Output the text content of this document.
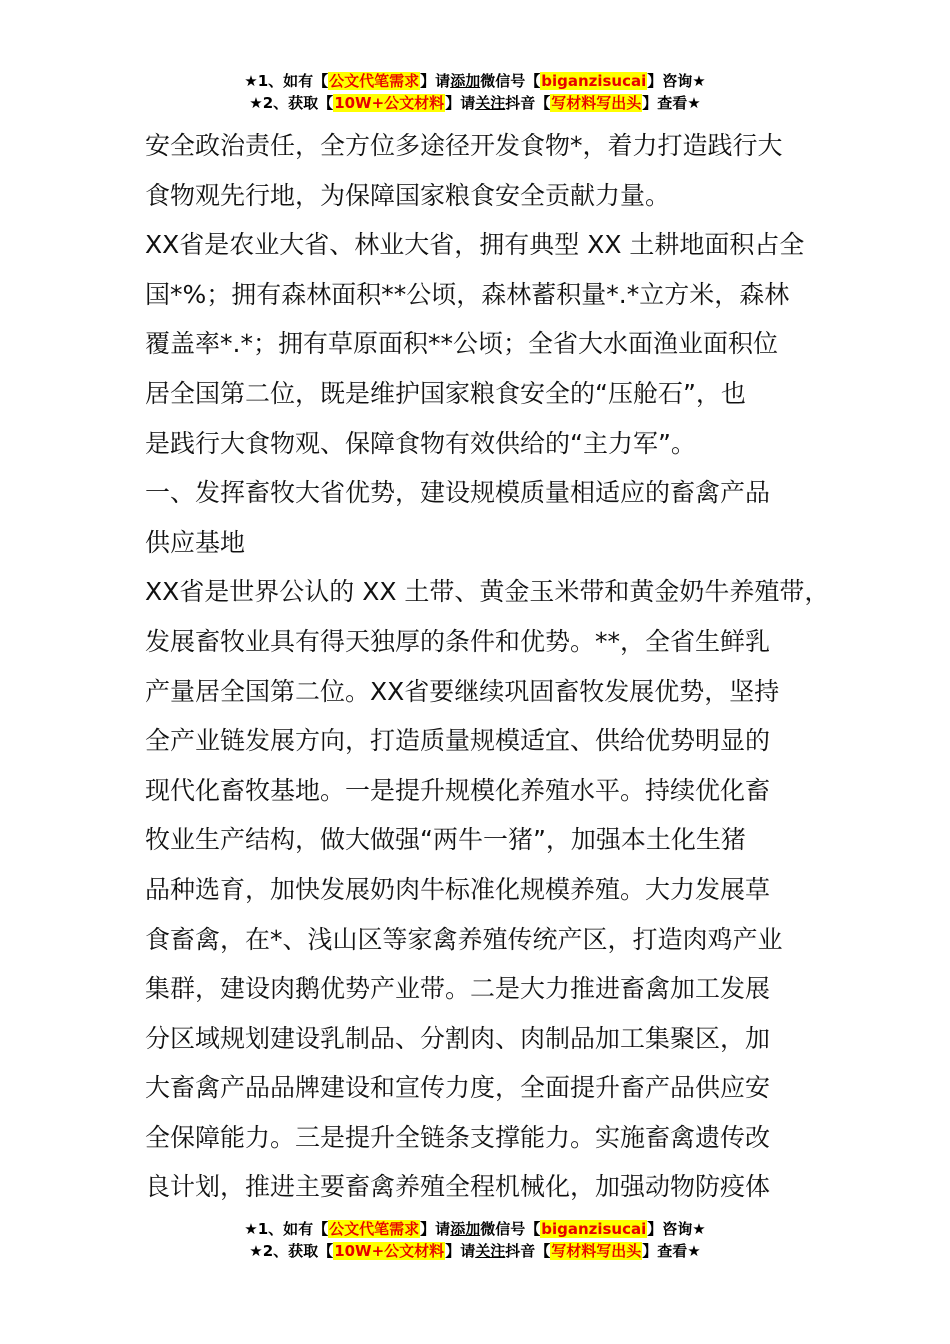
★1、如有【公文代笔需求】请添加微信号【biganzisucai】咨询★
★2、获取【10W+公文材料】请关注抖音【写材料写出头】查看★
安全政治责任，全方位多途径开发食物*，着力打造践行大
食物观先行地，为保障国家粮食安全贡献力量。
XX省是农业大省、林业大省，拥有典型 XX 土耕地面积占全
国*%；拥有森林面积**公顷，森林蓄积量*.*立方米，森林
覆盖率*.*；拥有草原面积**公顷；全省大水面渔业面积位
居全国第二位，既是维护国家粮食安全的“压舱石”，也
是践行大食物观、保障食物有效供给的“主力军”。
一、发挥畜牧大省优势，建设规模质量相适应的畜禽产品
供应基地
XX省是世界公认的 XX 土带、黄金玉米带和黄金奶牛养殖带，
发展畜牧业具有得天独厚的条件和优势。**，全省生鲜乳
产量居全国第二位。XX省要继续巩固畜牧发展优势，坚持
全产业链发展方向，打造质量规模适宜、供给优势明显的
现代化畜牧基地。一是提升规模化养殖水平。持续优化畜
牧业生产结构，做大做强“两牛一猪”，加强本土化生猪
品种选育，加快发展奶肉牛标准化规模养殖。大力发展草
食畜禽，在*、浅山区等家禽养殖传统产区，打造肉鸡产业
集群，建设肉鹅优势产业带。二是大力推进畜禽加工发展
分区域规划建设乳制品、分割肉、肉制品加工集聚区，加
大畜禽产品品牌建设和宣传力度，全面提升畜产品供应安
全保障能力。三是提升全链条支撑能力。实施畜禽遗传改
良计划，推进主要畜禽养殖全程机械化，加强动物防疫体
★1、如有【公文代笔需求】请添加微信号【biganzisucai】咨询★
★2、获取【10W+公文材料】请关注抖音【写材料写出头】查看★
